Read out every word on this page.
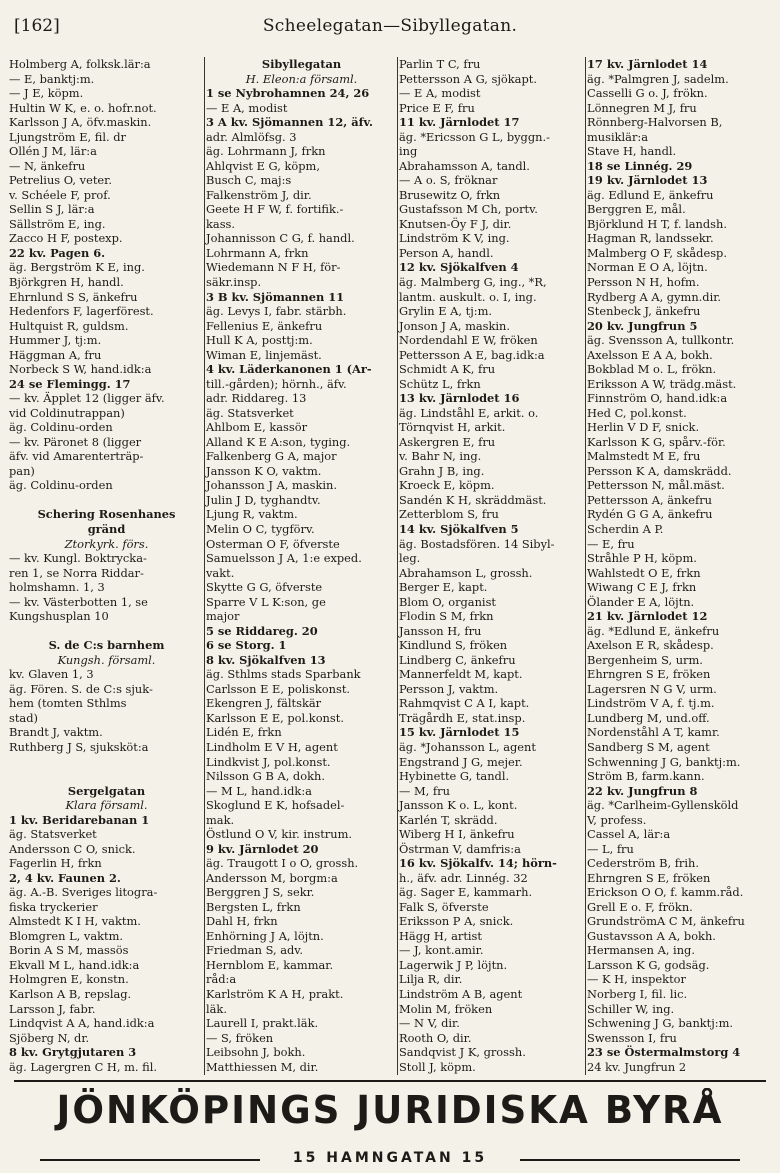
[162]	Scheelegatan—Sibyllegatan.
Holmberg A, folksk.lär:a
— E, banktj:m.
— J E, köpm.
Hultin W K, e. o. hofr.not.
Karlsson J A, öfv.maskin.
Ljungström E, fil. dr
Ollén J M, lär:a
— N, änkefru
Petrelius O, veter.
v. Schéele F, prof.
Sellin S J, lär:a
Sällström E, ing.
Zacco H F, postexp.
22 kv. Pagen 6.
äg. Bergström K E, ing.
Björkgren H, handl.
Ehrnlund S S, änkefru
Hedenfors F, lagerförest.
Hultquist R, guldsm.
Hummer J, tj:m.
Häggman A, fru
Norbeck S W, hand.idk:a
24 se Flemingg. 17
— kv. Äpplet 12 (ligger äfv.
vid Coldinutrappan)
äg. Coldinu-orden
— kv. Päronet 8 (ligger
äfv. vid Amarenterträp-
pan)
äg. Coldinu-orden
Schering Rosenhanes
gränd
Ztorkyrk. förs.
— kv. Kungl. Boktrycka-
ren 1, se Norra Riddar-
holmshamn. 1, 3
— kv. Västerbotten 1, se
Kungshusplan 10
S. de C:s barnhem
Kungsh. församl.
kv. Glaven 1, 3
äg. Fören. S. de C:s sjuk-
hem (tomten Sthlms
stad)
Brandt J, vaktm.
Ruthberg J S, sjuksköt:a
Sergelgatan
Klara församl.
1 kv. Beridarebanan 1
äg. Statsverket
Andersson C O, snick.
Fagerlin H, frkn
2, 4 kv. Faunen 2.
äg. A.-B. Sveriges litogra-
fiska tryckerier
Almstedt K I H, vaktm.
Blomgren L, vaktm.
Borin A S M, massös
Ekvall M L, hand.idk:a
Holmgren E, konstn.
Karlson A B, repslag.
Larsson J, fabr.
Lindqvist A A, hand.idk:a
Sjöberg N, dr.
8 kv. Grytgjutaren 3
äg. Lagergren C H, m. fil.
Sibyllegatan
H. Eleon:a församl.
1 se Nybrohamnen 24, 26
— E A, modist
3 A kv. Sjömannen 12, äfv.
adr. Almlöfsg. 3
äg. Lohrmann J, frkn
Ahlqvist E G, köpm,
Busch C, maj:s
Falkenström J, dir.
Geete H F W, f. fortifik.-
kass.
Johannisson C G, f. handl.
Lohrmann A, frkn
Wiedemann N F H, för-
säkr.insp.
3 B kv. Sjömannen 11
äg. Levys I, fabr. stärbh.
Fellenius E, änkefru
Hull K A, posttj:m.
Wiman E, linjemäst.
4 kv. Läderkanonen 1 (Ar-
till.-gården); hörnh., äfv.
adr. Riddareg. 13
äg. Statsverket
Ahlbom E, kassör
Alland K E A:son, tyging.
Falkenberg G A, major
Jansson K O, vaktm.
Johansson J A, maskin.
Julin J D, tyghandtv.
Ljung R, vaktm.
Melin O C, tygförv.
Osterman O F, öfverste
Samuelsson J A, 1:e exped.
vakt.
Skytte G G, öfverste
Sparre V L K:son, ge
major
5 se Riddareg. 20
6 se Storg. 1
8 kv. Sjökalfven 13
äg. Sthlms stads Sparbank
Carlsson E E, poliskonst.
Ekengren J, fältskär
Karlsson E E, pol.konst.
Lidén E, frkn
Lindholm E V H, agent
Lindkvist J, pol.konst.
Nilsson G B A, dokh.
— M L, hand.idk:a
Skoglund E K, hofsadel-
mak.
Östlund O V, kir. instrum.
9 kv. Järnlodet 20
äg. Traugott I o O, grossh.
Andersson M, borgm:a
Berggren J S, sekr.
Bergsten L, frkn
Dahl H, frkn
Enhörning J A, löjtn.
Friedman S, adv.
Hernblom E, kammar.
råd:a
Karlström K A H, prakt.
läk.
Laurell I, prakt.läk.
— S, fröken
Leibsohn J, bokh.
Matthiessen M, dir.
Parlin T C, fru
Pettersson A G, sjökapt.
— E A, modist
Price E F, fru
11 kv. Järnlodet 17
äg. *Ericsson G L, byggn.-
ing
Abrahamsson A, tandl.
— A o. S, fröknar
Brusewitz O, frkn
Gustafsson M Ch, portv.
Knutsen-Öy F J, dir.
Lindström K V, ing.
Person A, handl.
12 kv. Sjökalfven 4
äg. Malmberg G, ing., *R,
lantm. auskult. o. I, ing.
Grylin E A, tj:m.
Jonson J A, maskin.
Nordendahl E W, fröken
Pettersson A E, bag.idk:a
Schmidt A K, fru
Schütz L, frkn
13 kv. Järnlodet 16
äg. Lindståhl E, arkit. o.
Törnqvist H, arkit.
Askergren E, fru
v. Bahr N, ing.
Grahn J B, ing.
Kroeck E, köpm.
Sandén K H, skräddmäst.
Zetterblom S, fru
14 kv. Sjökalfven 5
äg. Bostadsfören. 14 Sibyl-
leg.
Abrahamson L, grossh.
Berger E, kapt.
Blom O, organist
Flodin S M, frkn
Jansson H, fru
Kindlund S, fröken
Lindberg C, änkefru
Mannerfeldt M, kapt.
Persson J, vaktm.
Rahmqvist C A I, kapt.
Trägårdh E, stat.insp.
15 kv. Järnlodet 15
äg. *Johansson L, agent
Engstrand J G, mejer.
Hybinette G, tandl.
— M, fru
Jansson K o. L, kont.
Karlén T, skrädd.
Wiberg H I, änkefru
Östrman V, damfris:a
16 kv. Sjökalfv. 14; hörn-
h., äfv. adr. Linnég. 32
äg. Sager E, kammarh.
Falk S, öfverste
Eriksson P A, snick.
Hägg H, artist
— J, kont.amir.
Lagerwik J P, löjtn.
Lilja R, dir.
Lindström A B, agent
Molin M, fröken
— N V, dir.
Rooth O, dir.
Sandqvist J K, grossh.
Stoll J, köpm.
17 kv. Järnlodet 14
äg. *Palmgren J, sadelm.
Casselli G o. J, frökn.
Lönnegren M J, fru
Rönnberg-Halvorsen B,
musiklär:a
Stave H, handl.
18 se Linnég. 29
19 kv. Järnlodet 13
äg. Edlund E, änkefru
Berggren E, mål.
Björklund H T, f. landsh.
Hagman R, landssekr.
Malmberg O F, skådesp.
Norman E O A, löjtn.
Persson N H, hofm.
Rydberg A A, gymn.dir.
Stenbeck J, änkefru
20 kv. Jungfrun 5
äg. Svensson A, tullkontr.
Axelsson E A A, bokh.
Bokblad M o. L, frökn.
Eriksson A W, trädg.mäst.
Finnström O, hand.idk:a
Hed C, pol.konst.
Herlin V D F, snick.
Karlsson K G, spårv.-för.
Malmstedt M E, fru
Persson K A, damskrädd.
Pettersson N, mål.mäst.
Pettersson A, änkefru
Rydén G G A, änkefru
Scherdin A P.
— E, fru
Stråhle P H, köpm.
Wahlstedt O E, frkn
Wiwang C E J, frkn
Ölander E A, löjtn.
21 kv. Järnlodet 12
äg. *Edlund E, änkefru
Axelson E R, skådesp.
Bergenheim S, urm.
Ehrngren S E, fröken
Lagersren N G V, urm.
Lindström V A, f. tj.m.
Lundberg M, und.off.
Nordenståhl A T, kamr.
Sandberg S M, agent
Schwenning J G, banktj:m.
Ström B, farm.kann.
22 kv. Jungfrun 8
äg. *Carlheim-Gyllensköld
V, profess.
Cassel A, lär:a
— L, fru
Cederström B, frih.
Ehrngren S E, fröken
Erickson O O, f. kamm.råd.
Grell E o. F, frökn.
GrundströmA C M, änkefru
Gustavsson A A, bokh.
Hermansen A, ing.
Larsson K G, godsäg.
— K H, inspektor
Norberg I, fil. lic.
Schiller W, ing.
Schwening J G, banktj:m.
Swensson I, fru
23 se Östermalmstorg 4
24 kv. Jungfrun 2
JÖNKÖPINGS JURIDISKA BYRÅ
15 HAMNGATAN 15
